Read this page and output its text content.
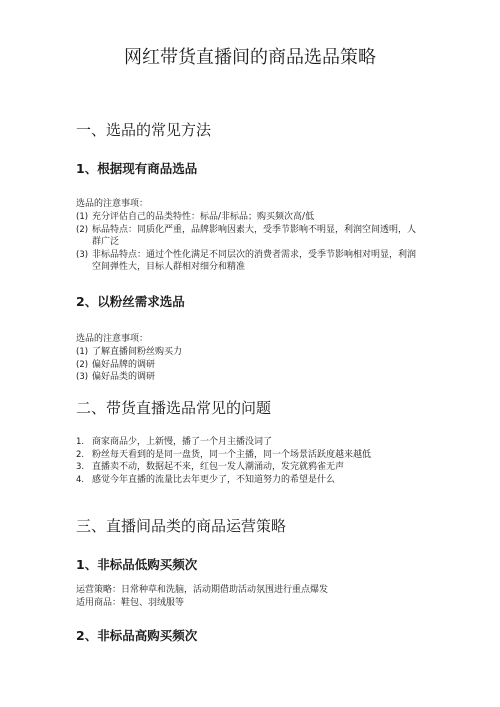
网红带货直播间的商品选品策略
一、选品的常见方法
1、根据现有商品选品

选品的注意事项：

(1) 充分评估自己的品类特性：标品/非标品；购买频次高/低
(2) 标品特点：同质化严重，品牌影响因素大，受季节影响不明显，利润空间透明，人群广泛
(3) 非标品特点：通过个性化满足不同层次的消费者需求，受季节影响相对明显，利润空间弹性大，目标人群相对细分和精准
2、以粉丝需求选品

选品的注意事项：

(1) 了解直播间粉丝购买力
(2) 偏好品牌的调研
(3) 偏好品类的调研
二、带货直播选品常见的问题
1. 商家商品少，上新慢，播了一个月主播没词了
2. 粉丝每天看到的是同一盘货，同一个主播，同一个场景活跃度越来越低
3. 直播卖不动，数据起不来，红包一发人潮涌动，发完就鸦雀无声
4. 感觉今年直播的流量比去年更少了，不知道努力的希望是什么
三、直播间品类的商品运营策略
1、非标品低购买频次

运营策略：日常种草和洗脑，活动期借助活动氛围进行重点爆发

适用商品：鞋包、羽绒服等

2、非标品高购买频次
